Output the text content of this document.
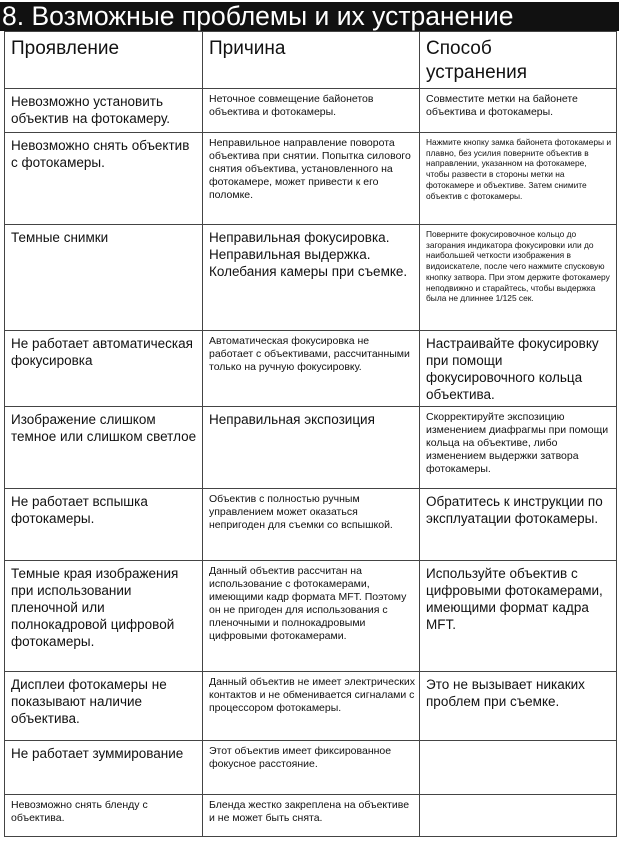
8. Возможные проблемы и их устранение
Проявление	Причина	Способ
устранения

Невозможно установить объектив на фотокамеру.	Неточное совмещение байонетов объектива и фотокамеры.	Совместите метки на байонете объектива и фотокамеры.

Невозможно снять объектив с фотокамеры.	Неправильное направление поворота объектива при снятии. Попытка силового снятия объектива, установленного на фотокамере, может привести к его поломке.	Нажмите кнопку замка байонета фотокамеры и плавно, без усилия поверните объектив в направлении, указанном на фотокамере, чтобы развести в стороны метки на фотокамере и объективе. Затем снимите объектив с фотокамеры.

Темные снимки	Неправильная фокусировка. Неправильная выдержка. Колебания камеры при съемке.	Поверните фокусировочное кольцо до загорания индикатора фокусировки или до наибольшей четкости изображения в видоискателе, после чего нажмите спусковую кнопку затвора. При этом держите фотокамеру неподвижно и старайтесь, чтобы выдержка была не длиннее 1/125 сек.

Не работает автоматическая фокусировка	Автоматическая фокусировка не работает с объективами, рассчитанными только на ручную фокусировку.	Настраивайте фокусировку при помощи фокусировочного кольца объектива.

Изображение слишком темное или слишком светлое	Неправильная экспозиция	Скорректируйте экспозицию изменением диафрагмы при помощи кольца на объективе, либо изменением выдержки затвора фотокамеры.

Не работает вспышка фотокамеры.	Объектив с полностью ручным управлением может оказаться непригоден для съемки со вспышкой.	Обратитесь к инструкции по эксплуатации фотокамеры.

Темные края изображения при использовании пленочной или полнокадровой цифровой фотокамеры.	Данный объектив рассчитан на использование с фотокамерами, имеющими кадр формата MFT. Поэтому он не пригоден для использования с пленочными и полнокадровыми цифровыми фотокамерами.	Используйте объектив с цифровыми фотокамерами, имеющими формат кадра MFT.

Дисплеи фотокамеры не показывают наличие объектива.	Данный объектив не имеет электрических контактов и не обменивается сигналами с процессором фотокамеры.	Это не вызывает никаких проблем при съемке.

Не работает зуммирование	Этот объектив имеет фиксированное фокусное расстояние.	

Невозможно снять бленду с объектива.	Бленда жестко закреплена на объективе и не может быть снята.	
